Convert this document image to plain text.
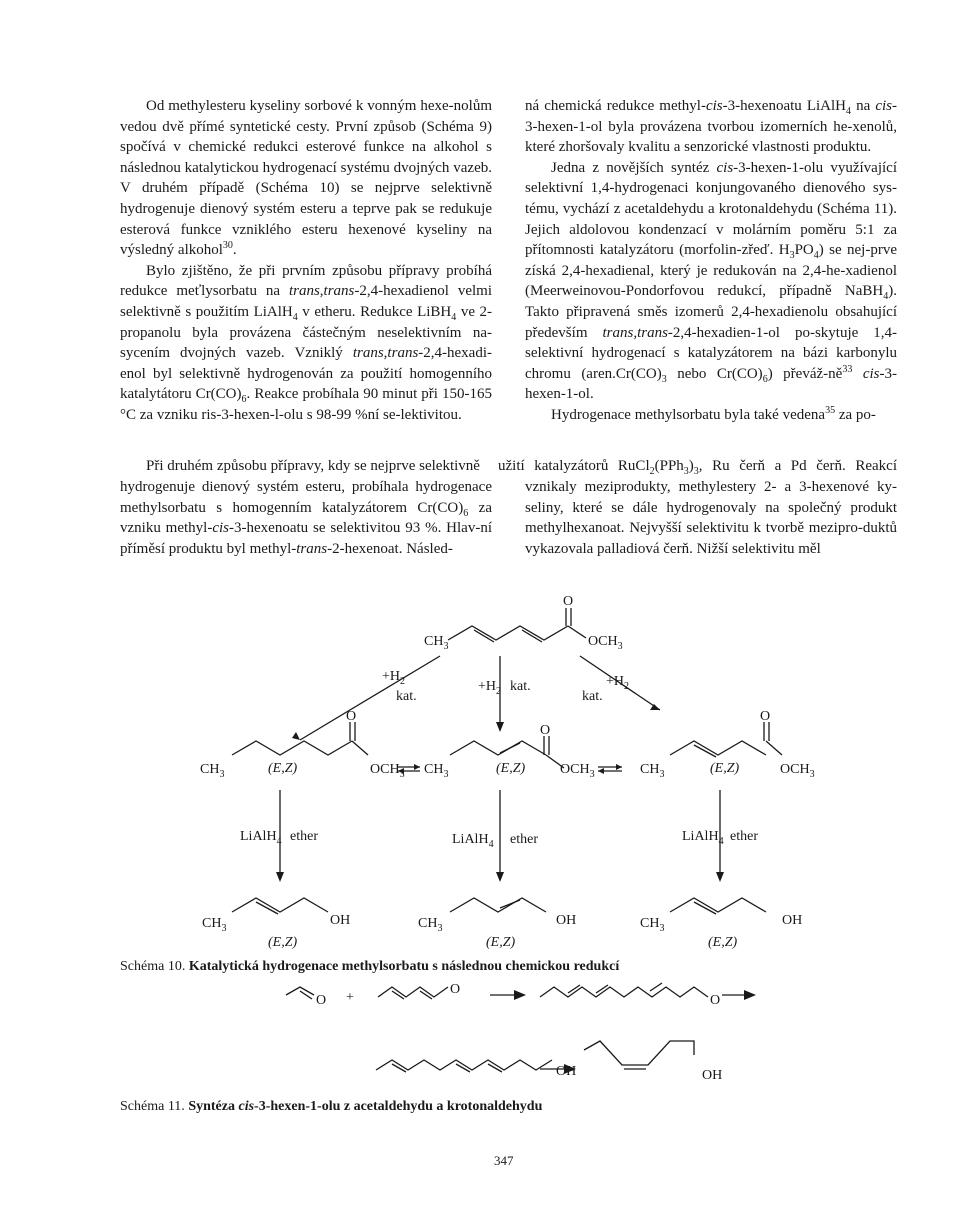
Od methylesteru kyseliny sorbové k vonným hexe-nolům vedou dvě přímé syntetické cesty. První způsob (Schéma 9) spočívá v chemické redukci esterové funkce na alkohol s následnou katalytickou hydrogenací systému dvojných vazeb. V druhém případě (Schéma 10) se nejprve selektivně hydrogenuje dienový systém esteru a teprve pak se redukuje esterová funkce vzniklého esteru hexenové kyseliny na výsledný alkohol$^{30}$.

Bylo zjištěno, že při prvním způsobu přípravy probíhá redukce meťlysorbatu na trans,trans-2,4-hexadienol velmi selektivně s použitím LiAlH$_4$ v etheru. Redukce LiBH$_4$ ve 2-propanolu byla provázena částečným neselektivním na-sycením dvojných vazeb. Vzniklý trans,trans-2,4-hexadi-enol byl selektivně hydrogenován za použití homogenního katalytátoru $Cr(CO)_6$. Reakce probíhala 90 minut při 150-165 °C za vzniku ris-3-hexen-l-olu s 98-99 %ní se-lektivitou.

ná chemická redukce methyl-cis-3-hexenoatu LiAlH$_4$ na cis-3-hexen-1-ol byla provázena tvorbou izomerních he-xenolů, které zhoršovaly kvalitu a senzorické vlastnosti produktu.

Jedna z novějších syntéz cis-3-hexen-1-olu využívající selektivní 1,4-hydrogenaci konjungovaného dienového sys-tému, vychází z acetaldehydu a krotonaldehydu (Schéma 11). Jejich aldolovou kondenzací v molárním poměru 5:1 za přítomnosti katalyzátoru (morfolin-zřeď. $H_3PO_4$) se nej-prve získá 2,4-hexadienal, který je redukován na 2,4-he-xadienol (Meerweinovou-Pondorfovou redukcí, případně NaBH$_4$). Takto připravená směs izomerů 2,4-hexadienolu obsahující především trans,trans-2,4-hexadien-1-ol po-skytuje 1,4-selektivní hydrogenací s katalyzátorem na bázi karbonylu chromu ($aren.Cr(CO)_3$ nebo $Cr(CO)_6$) převáž-$ně^{33}$ cis-3-hexen-1-ol.

Hydrogenace methylsorbatu byla také vedena$^{35}$ za po-

Při druhém způsobu přípravy, kdy se nejprve selektivně užití katalyzátorů $RuCl_2(PPh_3)_3$, Ru čerň a Pd čerň. Reakcí

hydrogenuje dienový systém esteru, probíhala hydrogenace methylsorbatu s homogenním katalyzátorem $Cr(CO)_6$ za vzniku methyl-cis-3-hexenoatu se selektivitou 93 %. Hlav-ní příměsí produktu byl methyl-trans-2-hexenoat. Násled-

vznikaly meziprodukty, methylestery 2- a 3-hexenové ky-seliny, které se dále hydrogenovaly na společný produkt methylhexanoat. Nejvyšší selektivitu k tvorbě mezipro-duktů vykazovala palladiová čerň. Nižší selektivitu měl

$CH_3$	$OCH_3$
O
$+H_2$
kat.
$+H_2$ kat.	$+H_2$
kat.
$CH_3$	(E,Z)	$OCH_3$
O
$CH_3$	(E,Z) $OCH_3$
O
$CH_3$	(E,Z)	$OCH_3$
O
LiAlH$_4$ ether	LiAlH$_4$ ether	LiAlH$_4$ ether
$CH_3$
OH
(E,Z)
$CH_3$
OH
(E,Z)
$CH_3$
OH
(E,Z)
Schéma 10. Katalytická hydrogenace methylsorbatu s následnou chemickou redukcí
O +
O
O
OH	OH
Schéma 11. Syntéza cis-3-hexen-1-olu z acetaldehydu a krotonaldehydu
347
